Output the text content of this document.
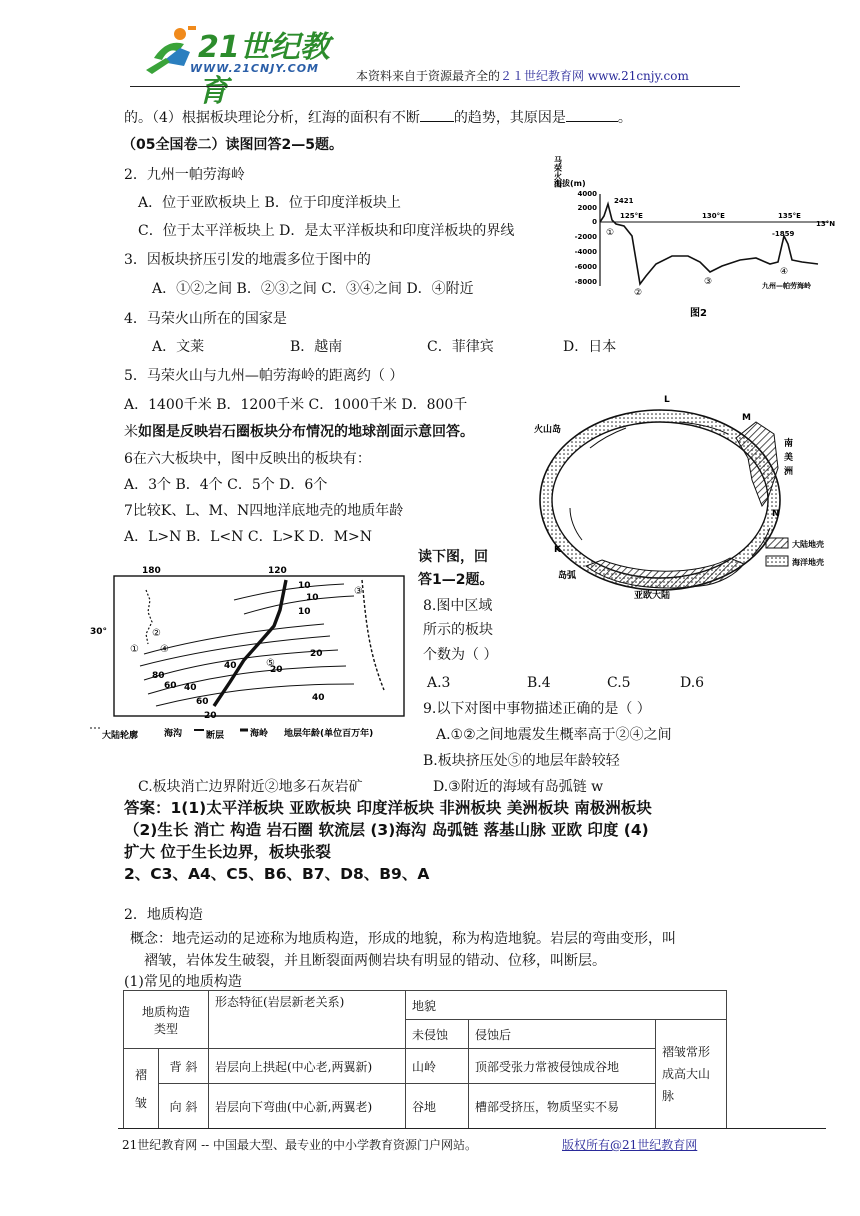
21世纪教育
WWW.21CNJY.COM
本资料来自于资源最齐全的２１世纪教育网 www.21cnjy.com
的。（4）根据板块理论分析，红海的面积有不断 的趋势，其原因是	。
（05全国卷二）读图回答2—5题。
2．九州一帕劳海岭
A．位于亚欧板块上 B．位于印度洋板块上
C．位于太平洋板块上 D．是太平洋板块和印度洋板块的界线
3．因板块挤压引发的地震多位于图中的
A．①②之间 B．②③之间 C．③④之间 D．④附近
4．马荣火山所在的国家是
A．文莱	B．越南	C．菲律宾	D．日本
5．马荣火山与九州—帕劳海岭的距离约（ ）
A．1400千米 B．1200千米 C．1000千米 D．800千
米如图是反映岩石圈板块分布情况的地球剖面示意回答。
6在六大板块中，图中反映出的板块有：
A．3个 B．4个 C．5个 D．6个
7比较K、L、M、N四地洋底地壳的地质年龄
A．L>N B．L<N C．L>K D．M>N
读下图，回
答1—2题。
8.图中区域
所示的板块
个数为（ ）
A.3	B.4	C.5	D.6
9.以下对图中事物描述正确的是（ ）
A.①②之间地震发生概率高于②④之间
B.板块挤压处⑤的地层年龄较轻
C.板块消亡边界附近②地多石灰岩矿	D.③附近的海域有岛弧链 w
答案：1(1)太平洋板块 亚欧板块 印度洋板块 非洲板块 美洲板块 南极洲板块
（2)生长 消亡 构造 岩石圈 软流层 (3)海沟 岛弧链 落基山脉 亚欧 印度 (4)
扩大 位于生长边界，板块张裂
2、C3、A4、C5、B6、B7、D8、B9、A
2．地质构造
概念：地壳运动的足迹称为地质构造，形成的地貌，称为构造地貌。岩层的弯曲变形，叫
褶皱，岩体发生破裂，并且断裂面两侧岩块有明显的错动、位移，叫断层。
(1)常见的地质构造
地质构造
类型		形态特征(岩层新老关系)	地貌		
			未侵蚀	侵蚀后	褶皱常形成高大山脉

褶
皱	背 斜	岩层向上拱起(中心老,两翼新)	山岭	顶部受张力常被侵蚀成谷地	
	向 斜	岩层向下弯曲(中心新,两翼老)	谷地	槽部受挤压，物质坚实不易	
马荣火山
海拔(m)
4000
2000
0
-2000
-4000
-6000
-8000
2421
125°E	130°E	135°E
13°N
-1859
①
②
③
④
九州—帕劳海岭
图2
火山岛
L
M
N
K
南
美
洲
岛弧
亚欧大陆
大陆地壳
海洋地壳
180	120
30°
10
10
10
20
20
20
40
40
40
60
60
80
①
②
③
④
⑤
大陆轮廓	海沟	断层	海岭 地层年龄(单位百万年)
21世纪教育网 -- 中国最大型、最专业的中小学教育资源门户网站。	版权所有@21世纪教育网
